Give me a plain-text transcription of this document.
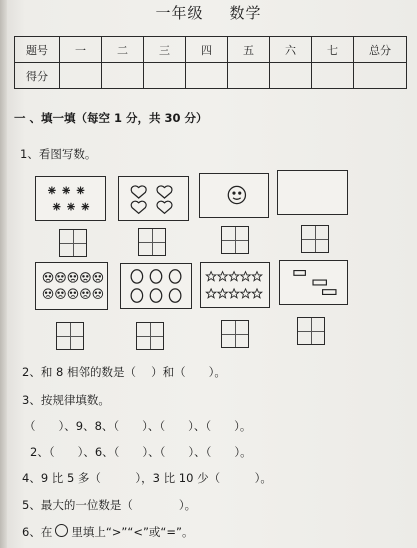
一年级 数学
题号	一	二	三	四	五	六	七	总分
得分								
一 、填一填（每空 1 分，共 30 分）
1、看图写数。
2、和 8 相邻的数是（　 ）和（　　）。
3、按规律填数。
（　　）、9、8、（　　）、（　　）、（　　）。
2、（　　）、6、（　　）、（　　）、（　　）。
4、9 比 5 多（　　　），3 比 10 少（　　　）。
5、最大的一位数是（　　　　）。
6、在 里填上“>”“<”或“=”。
